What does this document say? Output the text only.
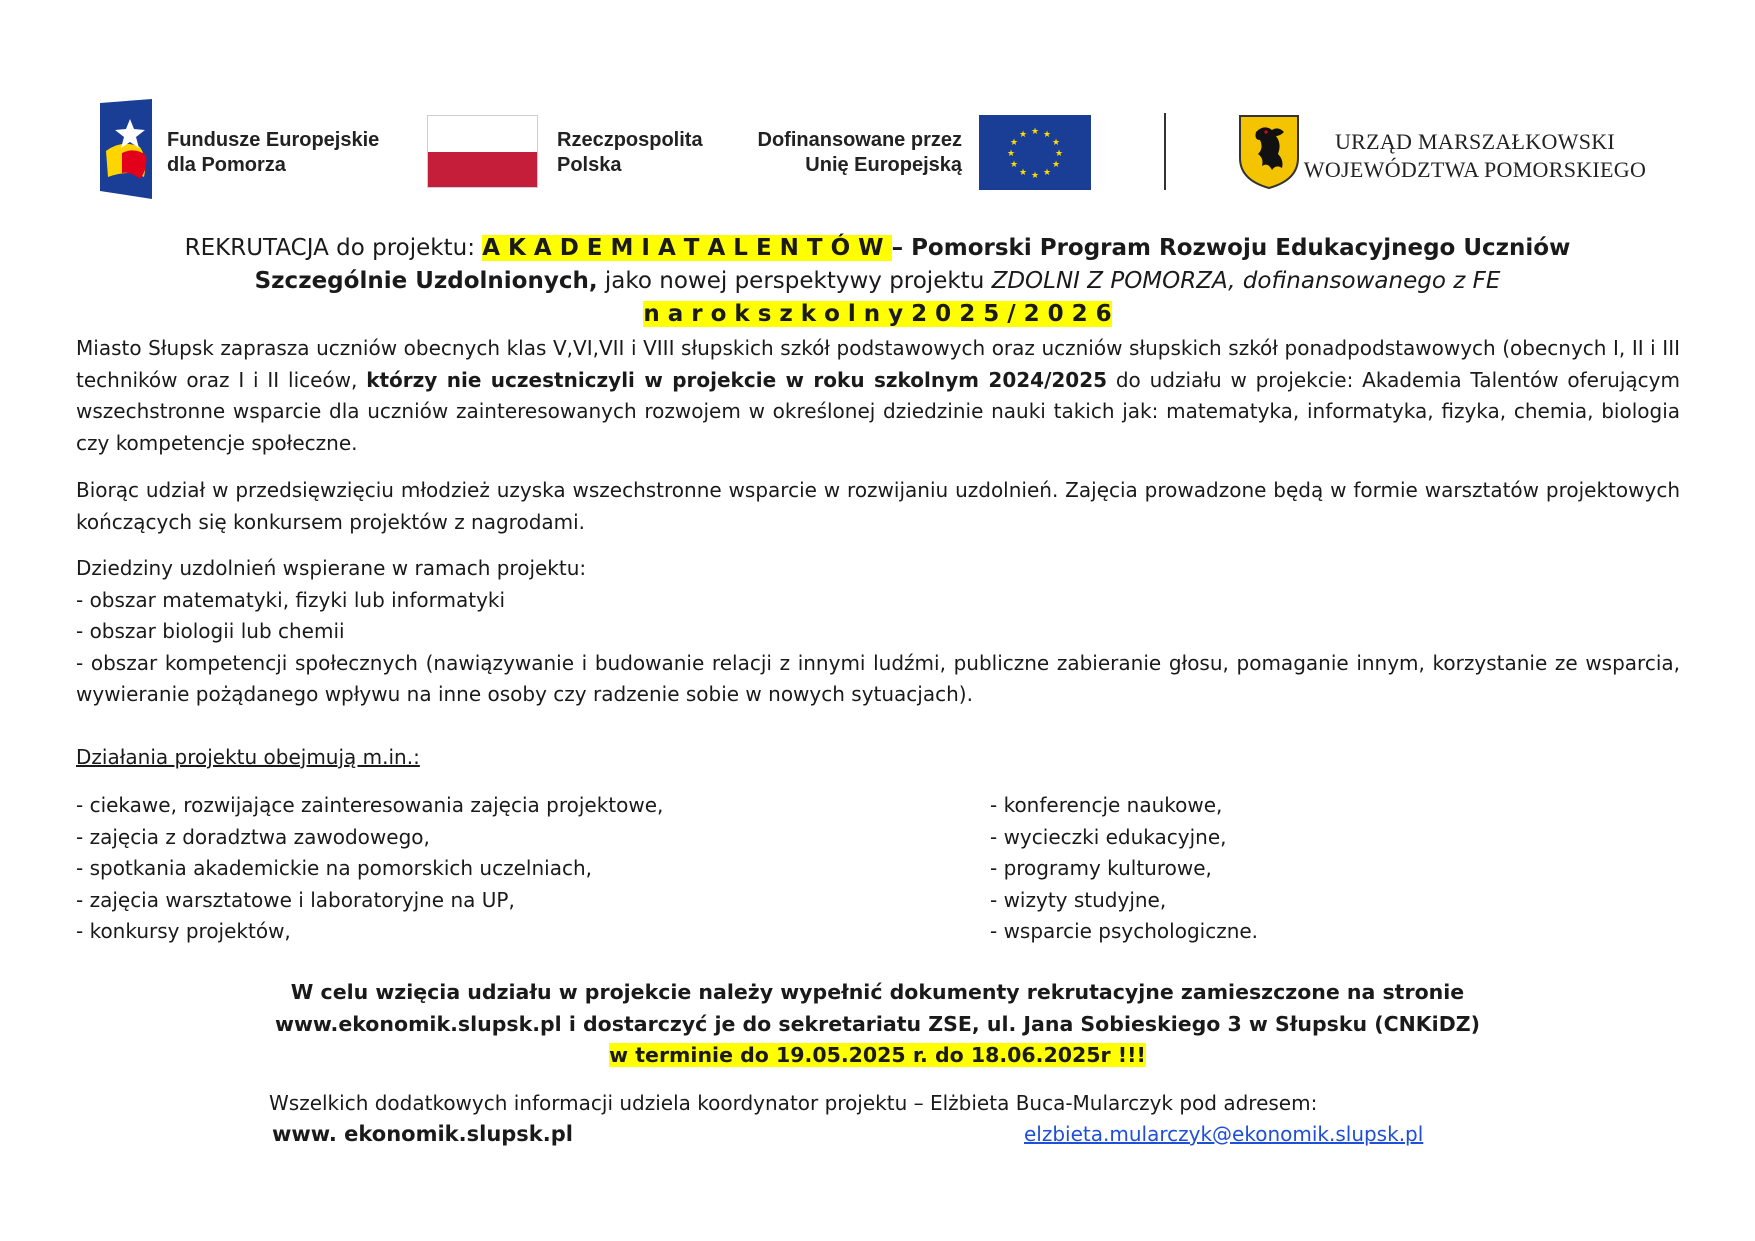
Fundusze Europejskie
dla Pomorza
Rzeczpospolita
Polska
Dofinansowane przez
Unię Europejską
★ ★
★
★
★
★
★
★
★
★
★
★	URZĄD MARSZAŁKOWSKI
WOJEWÓDZTWA POMORSKIEGO
REKRUTACJA do projektu: A K A D E M I A T A L E N T Ó W – Pomorski Program Rozwoju Edukacyjnego Uczniów
Szczególnie Uzdolnionych, jako nowej perspektywy projektu ZDOLNI Z POMORZA, dofinansowanego z FE
n a r o k s z k o l n y 2 0 2 5 / 2 0 2 6
Miasto Słupsk zaprasza uczniów obecnych klas V,VI,VII i VIII słupskich szkół podstawowych oraz uczniów słupskich szkół ponadpodstawowych (obecnych I, II i III techników oraz I i II liceów, którzy nie uczestniczyli w projekcie w roku szkolnym 2024/2025 do udziału w projekcie: Akademia Talentów oferującym wszechstronne wsparcie dla uczniów zainteresowanych rozwojem w określonej dziedzinie nauki takich jak: matematyka, informatyka, fizyka, chemia, biologia czy kompetencje społeczne.
Biorąc udział w przedsięwzięciu młodzież uzyska wszechstronne wsparcie w rozwijaniu uzdolnień. Zajęcia prowadzone będą w formie warsztatów projektowych kończących się konkursem projektów z nagrodami.
Dziedziny uzdolnień wspierane w ramach projektu:
- obszar matematyki, fizyki lub informatyki
- obszar biologii lub chemii
- obszar kompetencji społecznych (nawiązywanie i budowanie relacji z innymi ludźmi, publiczne zabieranie głosu, pomaganie innym, korzystanie ze wsparcia, wywieranie pożądanego wpływu na inne osoby czy radzenie sobie w nowych sytuacjach).
Działania projektu obejmują m.in.:
- ciekawe, rozwijające zainteresowania zajęcia projektowe,
- zajęcia z doradztwa zawodowego,
- spotkania akademickie na pomorskich uczelniach,
- zajęcia warsztatowe i laboratoryjne na UP,
- konkursy projektów,
- konferencje naukowe,
- wycieczki edukacyjne,
- programy kulturowe,
- wizyty studyjne,
- wsparcie psychologiczne.
W celu wzięcia udziału w projekcie należy wypełnić dokumenty rekrutacyjne zamieszczone na stronie
www.ekonomik.slupsk.pl i dostarczyć je do sekretariatu ZSE, ul. Jana Sobieskiego 3 w Słupsku (CNKiDZ)
w terminie do 19.05.2025 r. do 18.06.2025r !!!
Wszelkich dodatkowych informacji udziela koordynator projektu – Elżbieta Buca-Mularczyk pod adresem:
www. ekonomik.slupsk.pl	elzbieta.mularczyk@ekonomik.slupsk.pl
